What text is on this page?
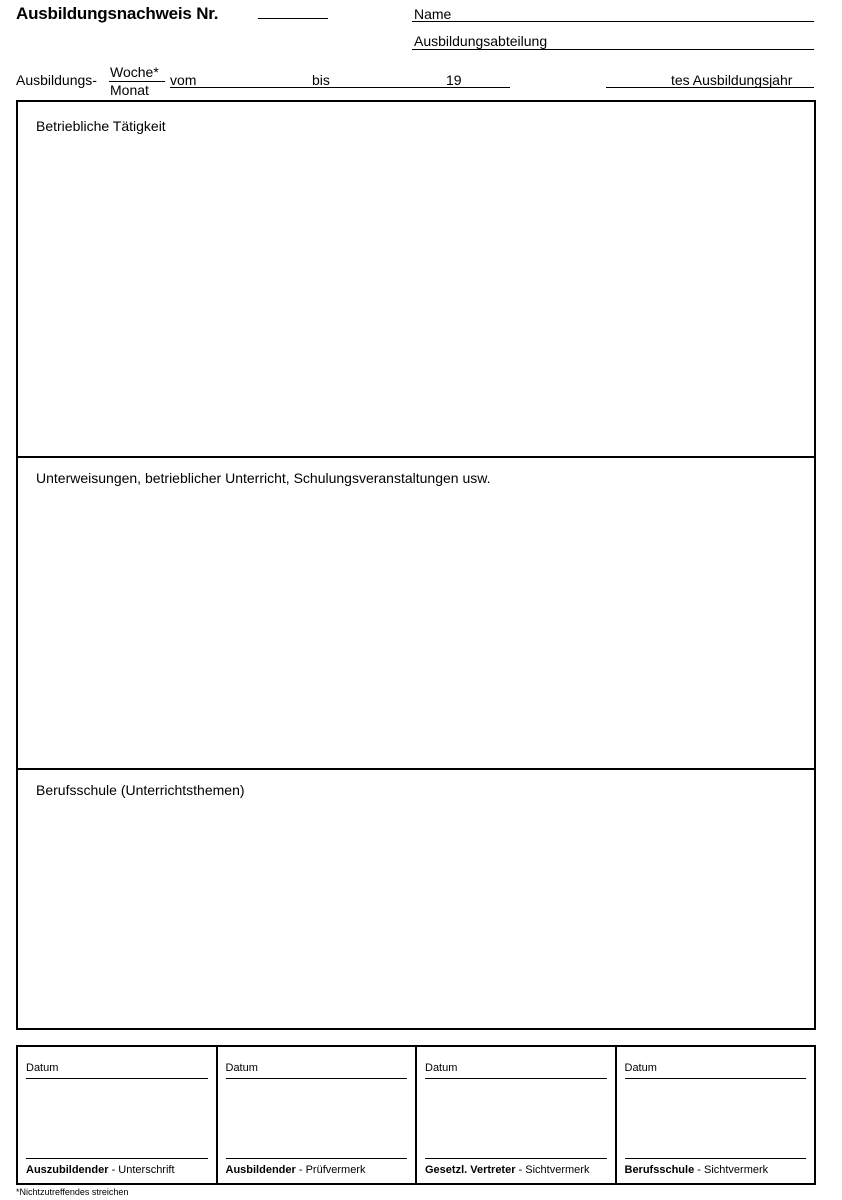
Ausbildungsnachweis Nr.	Name
Ausbildungsabteilung
Ausbildungs- Woche*
Monat
vom	bis	19	tes Ausbildungsjahr
Betriebliche Tätigkeit
Unterweisungen, betrieblicher Unterricht, Schulungsveranstaltungen usw.
Berufsschule (Unterrichtsthemen)
Datum
Auszubildender - Unterschrift
Datum
Ausbildender - Prüfvermerk
Datum
Gesetzl. Vertreter - Sichtvermerk
Datum
Berufsschule - Sichtvermerk
*Nichtzutreffendes streichen
